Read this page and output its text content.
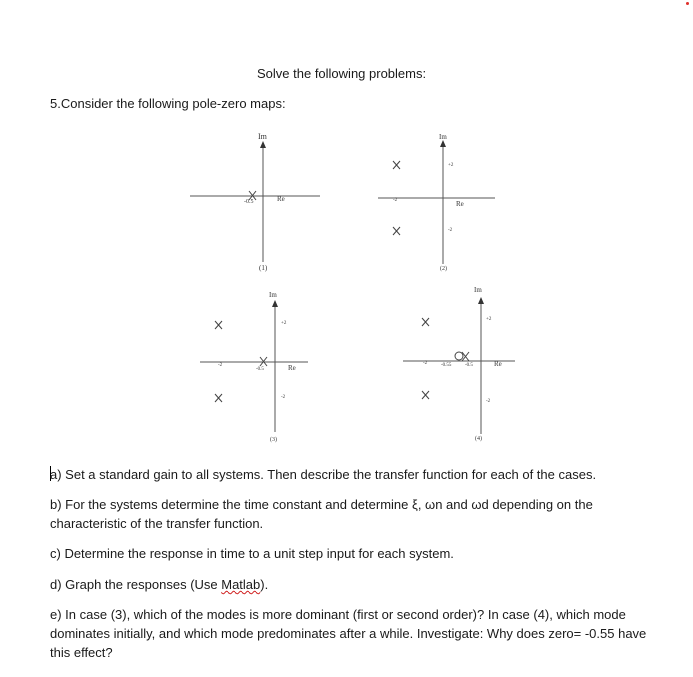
Solve the following problems:
5.Consider the following pole-zero maps:
Im
Re
-0.5
(1)
Im
Re
+2
-2
-2
(2)
Im
Re
+2
-2
-2
-0.5
(3)
Im
Re
+2
-2
-2	-0.55	-0.5
(4)
a) Set a standard gain to all systems. Then describe the transfer function for each of the cases.
b) For the systems determine the time constant and determine ξ, ωn and ωd depending on the characteristic of the transfer function.
c) Determine the response in time to a unit step input for each system.
d) Graph the responses (Use Matlab).
e) In case (3), which of the modes is more dominant (first or second order)? In case (4), which mode dominates initially, and which mode predominates after a while. Investigate: Why does zero= -0.55 have this effect?
